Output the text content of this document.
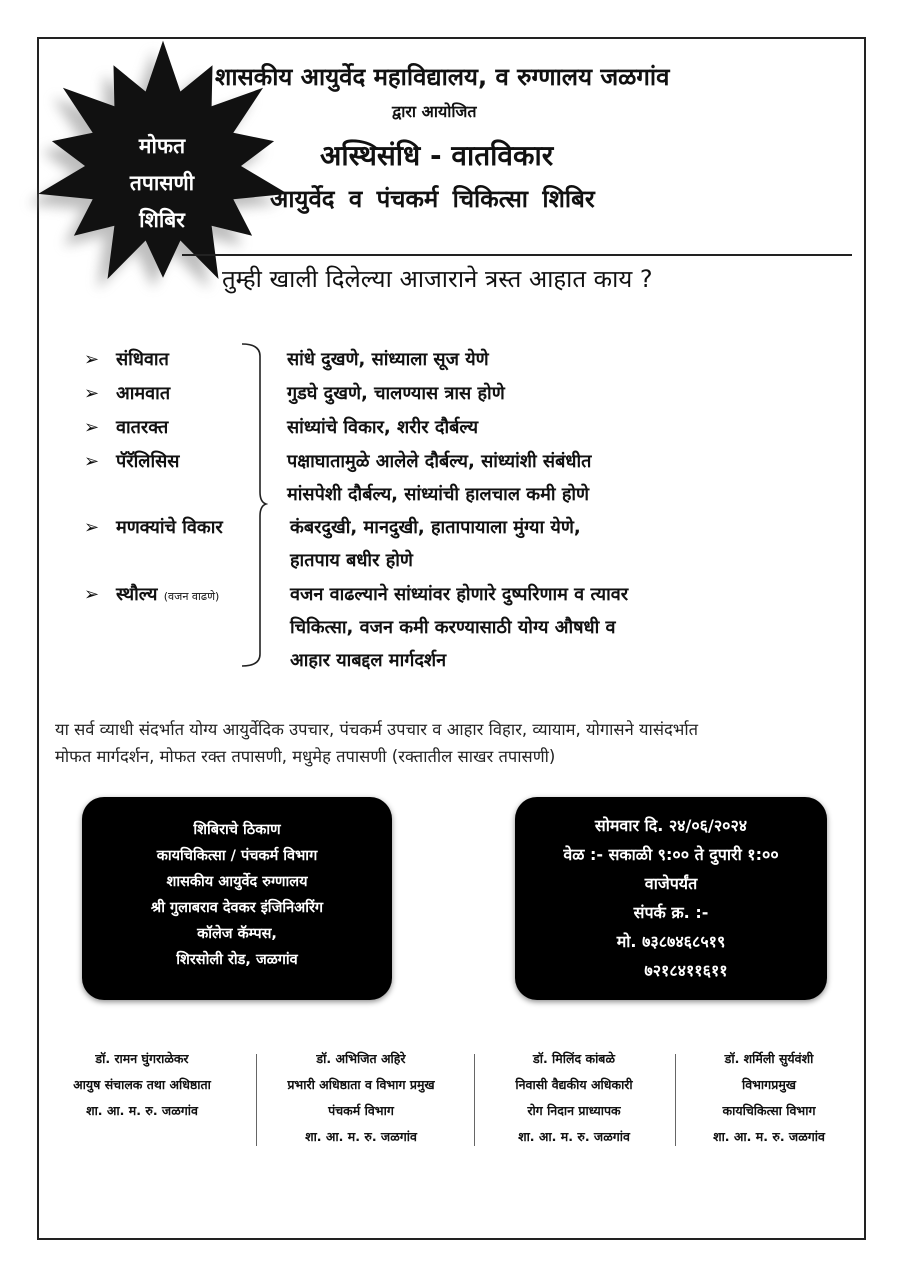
मोफत
तपासणी
शिबिर
शासकीय आयुर्वेद महाविद्यालय, व रुग्णालय जळगांव
द्वारा आयोजित
अस्थिसंधि - वातविकार
आयुर्वेद व पंचकर्म चिकित्सा शिबिर
तुम्ही खाली दिलेल्या आजाराने त्रस्त आहात काय ?
➢ संधिवात
➢ आमवात
➢ वातरक्त
➢ पॅरॅलिसिस
➢ मणक्यांचे विकार
➢ स्थौल्य (वजन वाढणे)
सांधे दुखणे, सांध्याला सूज येणे
गुडघे दुखणे, चालण्यास त्रास होणे
सांध्यांचे विकार, शरीर दौर्बल्य
पक्षाघातामुळे आलेले दौर्बल्य, सांध्यांशी संबंधीत
मांसपेशी दौर्बल्य, सांध्यांची हालचाल कमी होणे
कंबरदुखी, मानदुखी, हातापायाला मुंग्या येणे,
हातपाय बधीर होणे
वजन वाढल्याने सांध्यांवर होणारे दुष्परिणाम व त्यावर
चिकित्सा, वजन कमी करण्यासाठी योग्य औषधी व
आहार याबद्दल मार्गदर्शन
या सर्व व्याधी संदर्भात योग्य आयुर्वेदिक उपचार, पंचकर्म उपचार व आहार विहार, व्यायाम, योगासने यासंदर्भात
मोफत मार्गदर्शन, मोफत रक्त तपासणी, मधुमेह तपासणी (रक्तातील साखर तपासणी)
शिबिराचे ठिकाण
कायचिकित्सा / पंचकर्म विभाग
शासकीय आयुर्वेद रुग्णालय
श्री गुलाबराव देवकर इंजिनिअरिंग
कॉलेज कॅम्पस,
शिरसोली रोड, जळगांव
सोमवार दि. २४/०६/२०२४
वेळ :- सकाळी ९:०० ते दुपारी १:००
वाजेपर्यंत
संपर्क क्र. :-
मो. ७३८७४६८५१९
७२१८४११६११
डॉ. रामन घुंगराळेकर
आयुष संचालक तथा अधिष्ठाता
शा. आ. म. रु. जळगांव
डॉ. अभिजित अहिरे
प्रभारी अधिष्ठाता व विभाग प्रमुख
पंचकर्म विभाग
शा. आ. म. रु. जळगांव
डॉ. मिलिंद कांबळे
निवासी वैद्यकीय अधिकारी
रोग निदान प्राध्यापक
शा. आ. म. रु. जळगांव
डॉ. शर्मिली सुर्यवंशी
विभागप्रमुख
कायचिकित्सा विभाग
शा. आ. म. रु. जळगांव
